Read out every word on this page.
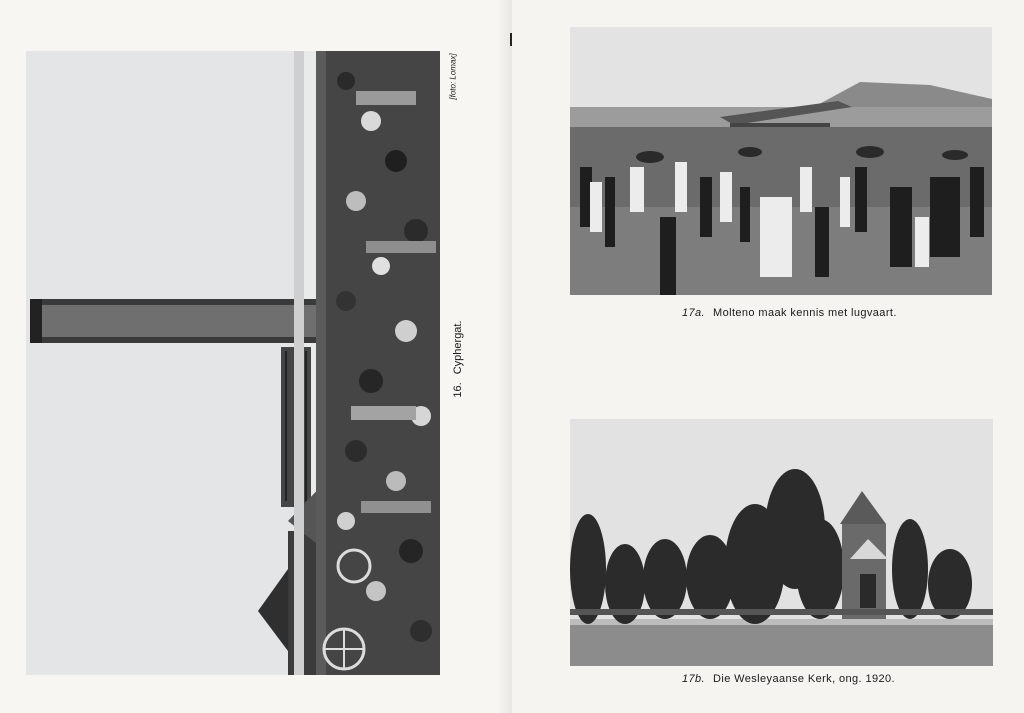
16.Cyphergat.
[foto: Lomax]
17a. Molteno maak kennis met lugvaart.
17b. Die Wesleyaanse Kerk, ong. 1920.
